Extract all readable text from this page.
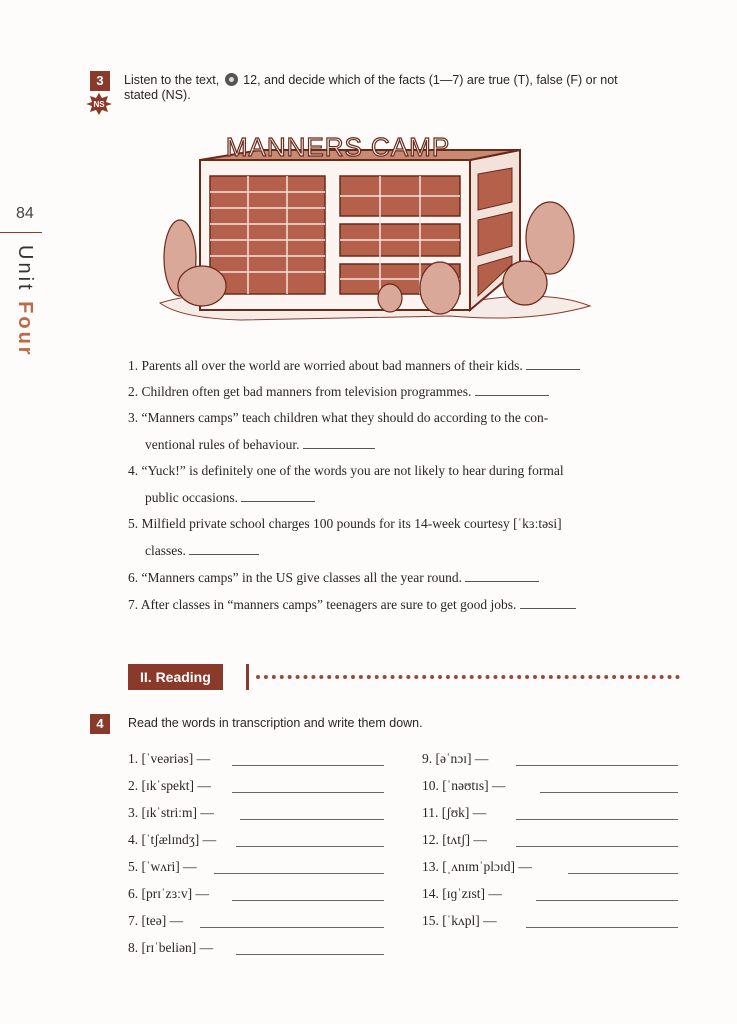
84
Unit Four
3
NS
Listen to the text, 12, and decide which of the facts (1—7) are true (T), false (F) or not
stated (NS).
MANNERS CAMP
1. Parents all over the world are worried about bad manners of their kids.
2. Children often get bad manners from television programmes.
3. “Manners camps” teach children what they should do according to the con-
ventional rules of behaviour.
4. “Yuck!” is definitely one of the words you are not likely to hear during formal
public occasions.
5. Milfield private school charges 100 pounds for its 14-week courtesy [ˈkɜːtəsi]
classes.
6. “Manners camps” in the US give classes all the year round.
7. After classes in “manners camps” teenagers are sure to get good jobs.
II. Reading
4	Read the words in transcription and write them down.
1. [ˈveəriəs] —
2. [ɪkˈspekt] —
3. [ɪkˈstriːm] —
4. [ˈtʃælɪndʒ] —
5. [ˈwʌri] —
6. [prɪˈzɜːv] —
7. [teə] —
8. [rɪˈbeliən] —
9. [əˈnɔɪ] —
10. [ˈnəʊtɪs] —
11. [ʃʊk] —
12. [tʌtʃ] —
13. [ˌʌnɪmˈplɔɪd] —
14. [ɪɡˈzɪst] —
15. [ˈkʌpl] —
